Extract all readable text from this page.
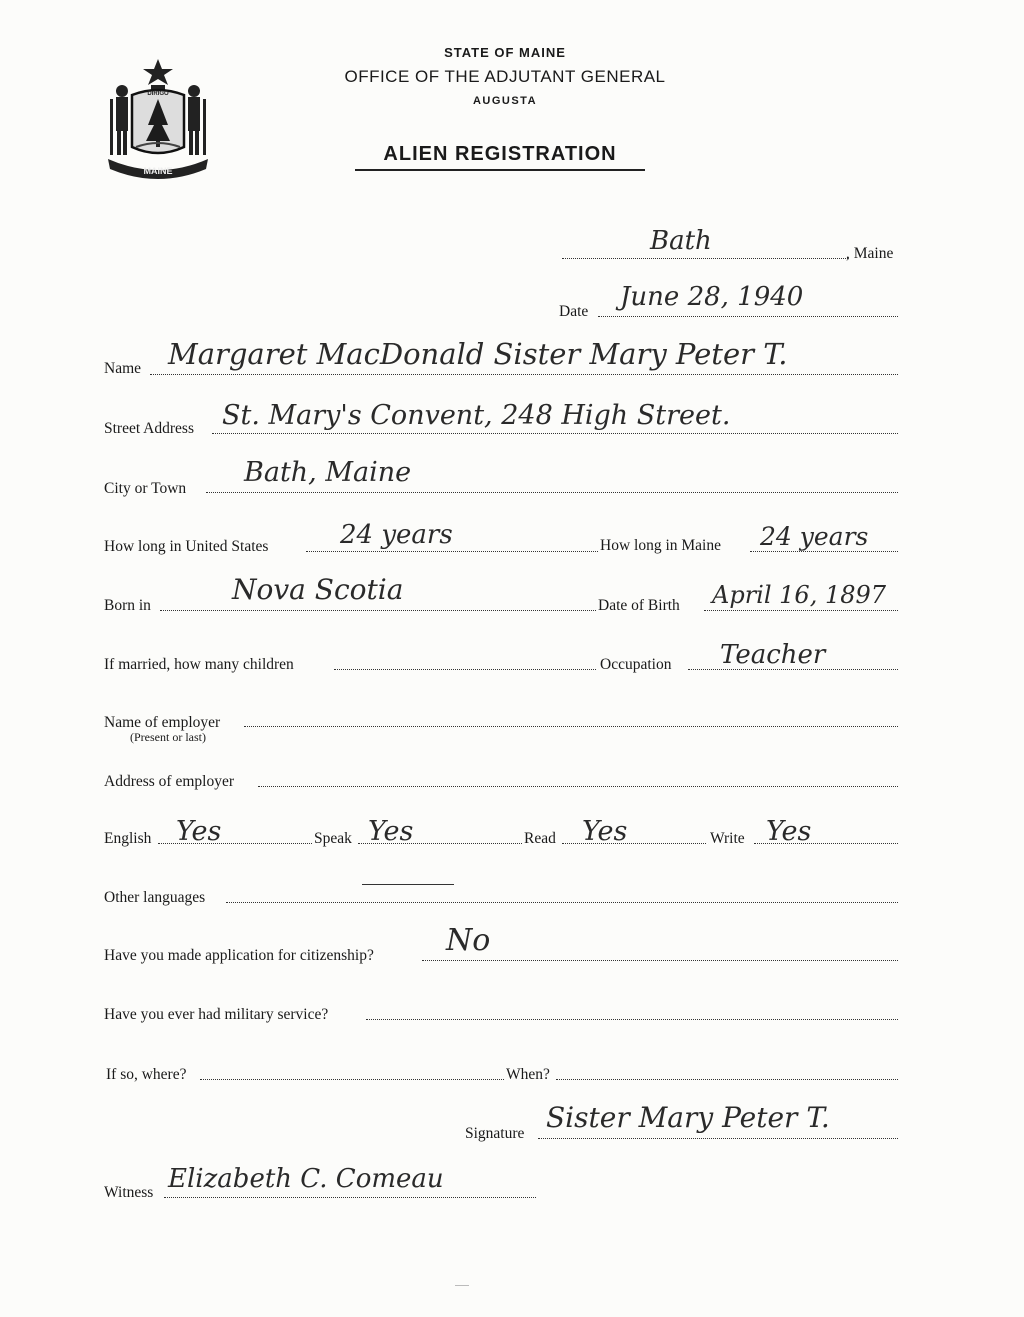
MAINE
DIRIGO
STATE OF MAINE
OFFICE OF THE ADJUTANT GENERAL
AUGUSTA
ALIEN REGISTRATION
Bath	, Maine
Date June 28, 1940
Name Margaret MacDonald Sister Mary Peter T.
Street Address St. Mary's Convent, 248 High Street.
City or Town
Bath, Maine
How long in United States	24 years	How long in Maine 24 years
Born in	Nova Scotia	Date of Birth April 16, 1897
If married, how many children	Occupation Teacher
Name of employer
(Present or last)
Address of employer
English Yes	Speak Yes	Read Yes	Write Yes
Other languages
Have you made application for citizenship? No
Have you ever had military service?
If so, where?	When?
Signature Sister Mary Peter T.
Witness Elizabeth C. Comeau
